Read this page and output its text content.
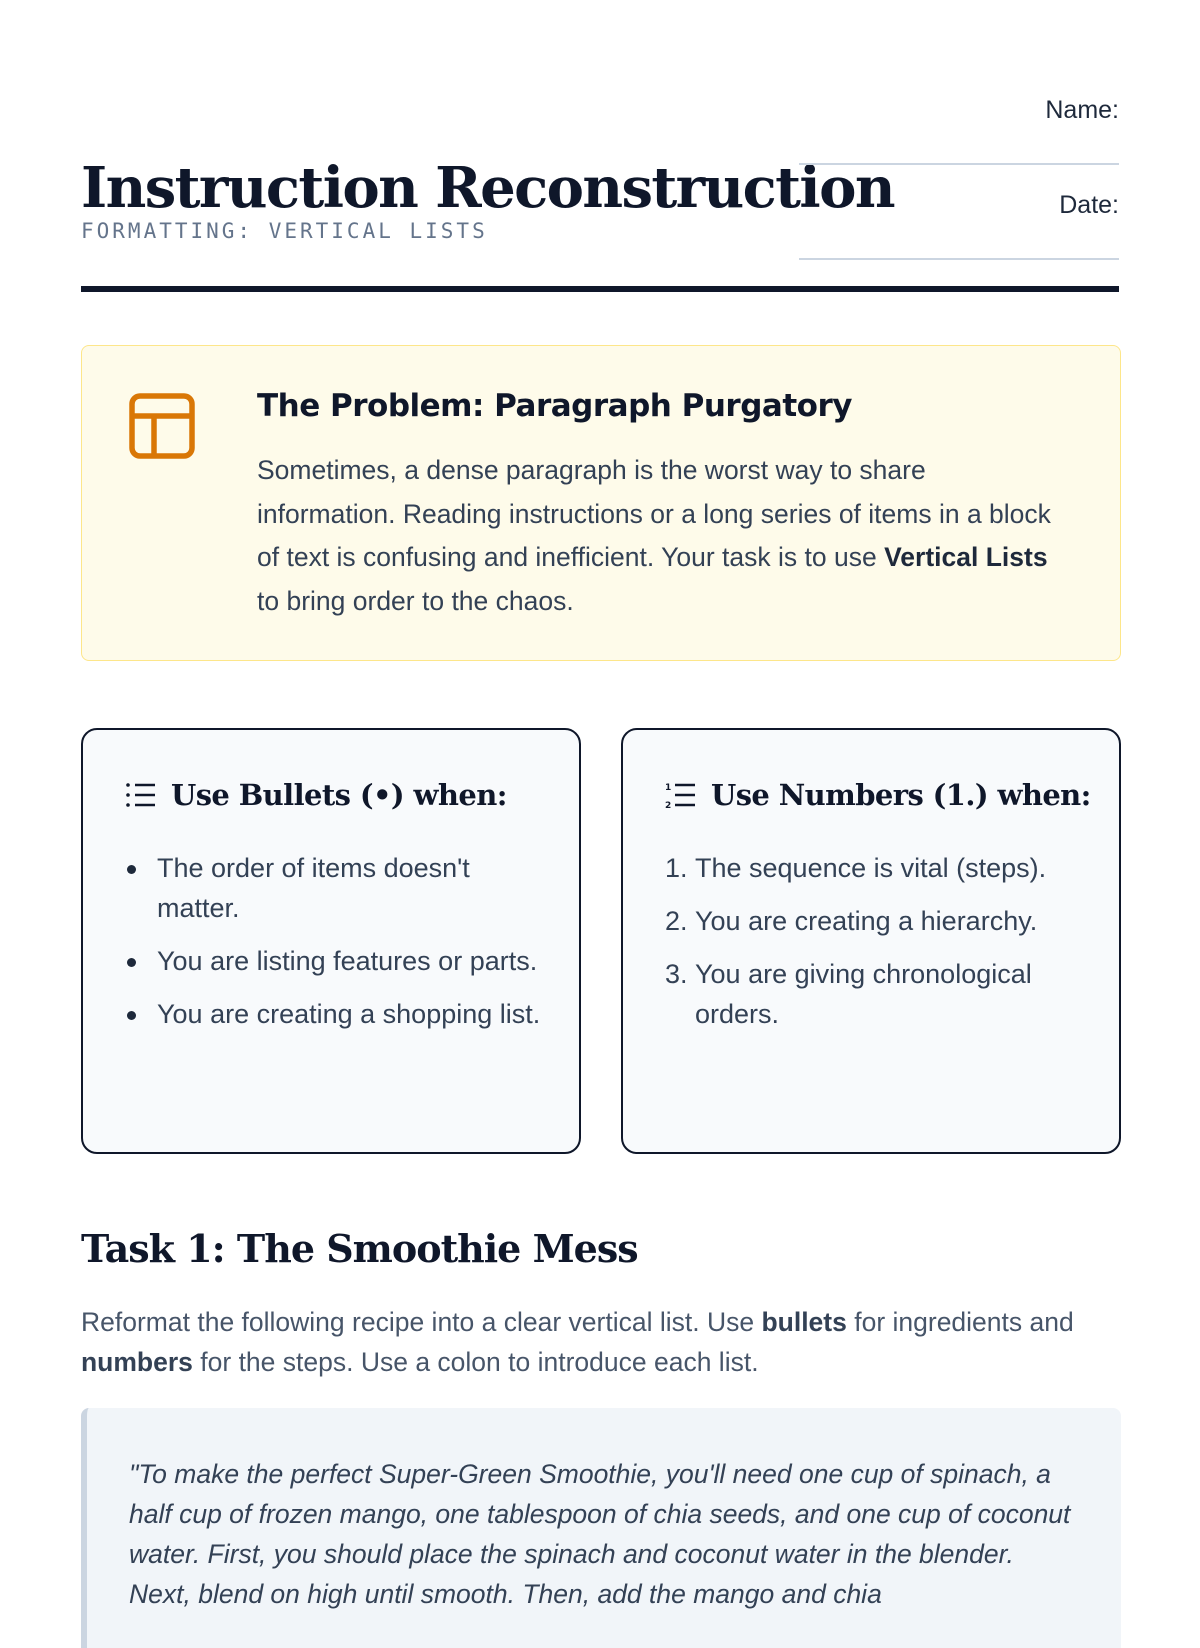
Instruction Reconstruction
FORMATTING: VERTICAL LISTS
Name:
Date:
The Problem: Paragraph Purgatory
Sometimes, a dense paragraph is the worst way to share information. Reading instructions or a long series of items in a block of text is confusing and inefficient. Your task is to use Vertical Lists to bring order to the chaos.
Use Bullets (•) when:
The order of items doesn't matter.
You are listing features or parts.
You are creating a shopping list.
1
2 Use Numbers (1.) when:
1. The sequence is vital (steps).
2. You are creating a hierarchy.
3. You are giving chronological orders.
Task 1: The Smoothie Mess
Reformat the following recipe into a clear vertical list. Use bullets for ingredients and numbers for the steps. Use a colon to introduce each list.
"To make the perfect Super-Green Smoothie, you'll need one cup of spinach, a half cup of frozen mango, one tablespoon of chia seeds, and one cup of coconut water. First, you should place the spinach and coconut water in the blender. Next, blend on high until smooth. Then, add the mango and chia
